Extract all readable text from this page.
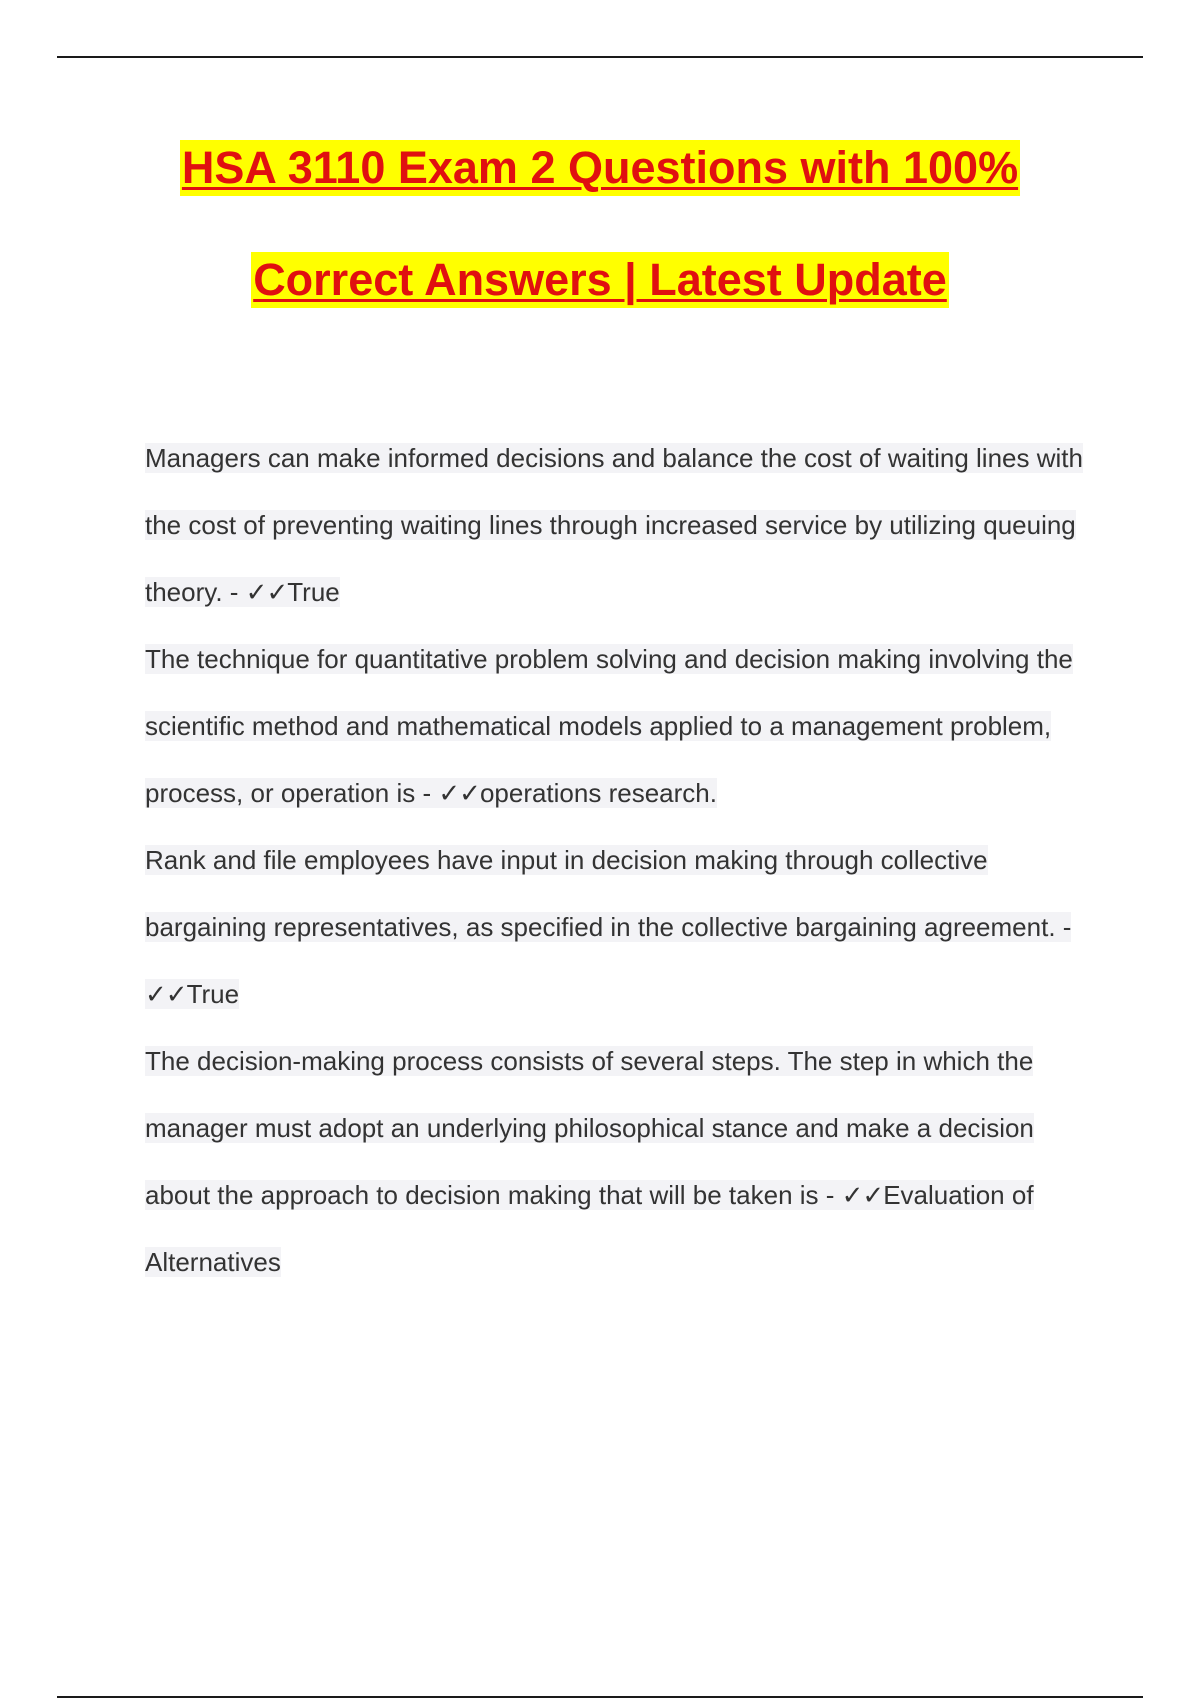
HSA 3110 Exam 2 Questions with 100%
Correct Answers | Latest Update

Managers can make informed decisions and balance the cost of waiting lines with the cost of preventing waiting lines through increased service by utilizing queuing theory. - ✓✓True

The technique for quantitative problem solving and decision making involving the scientific method and mathematical models applied to a management problem, process, or operation is - ✓✓operations research.

Rank and file employees have input in decision making through collective bargaining representatives, as specified in the collective bargaining agreement. - ✓✓True

The decision-making process consists of several steps. The step in which the manager must adopt an underlying philosophical stance and make a decision about the approach to decision making that will be taken is - ✓✓Evaluation of Alternatives
